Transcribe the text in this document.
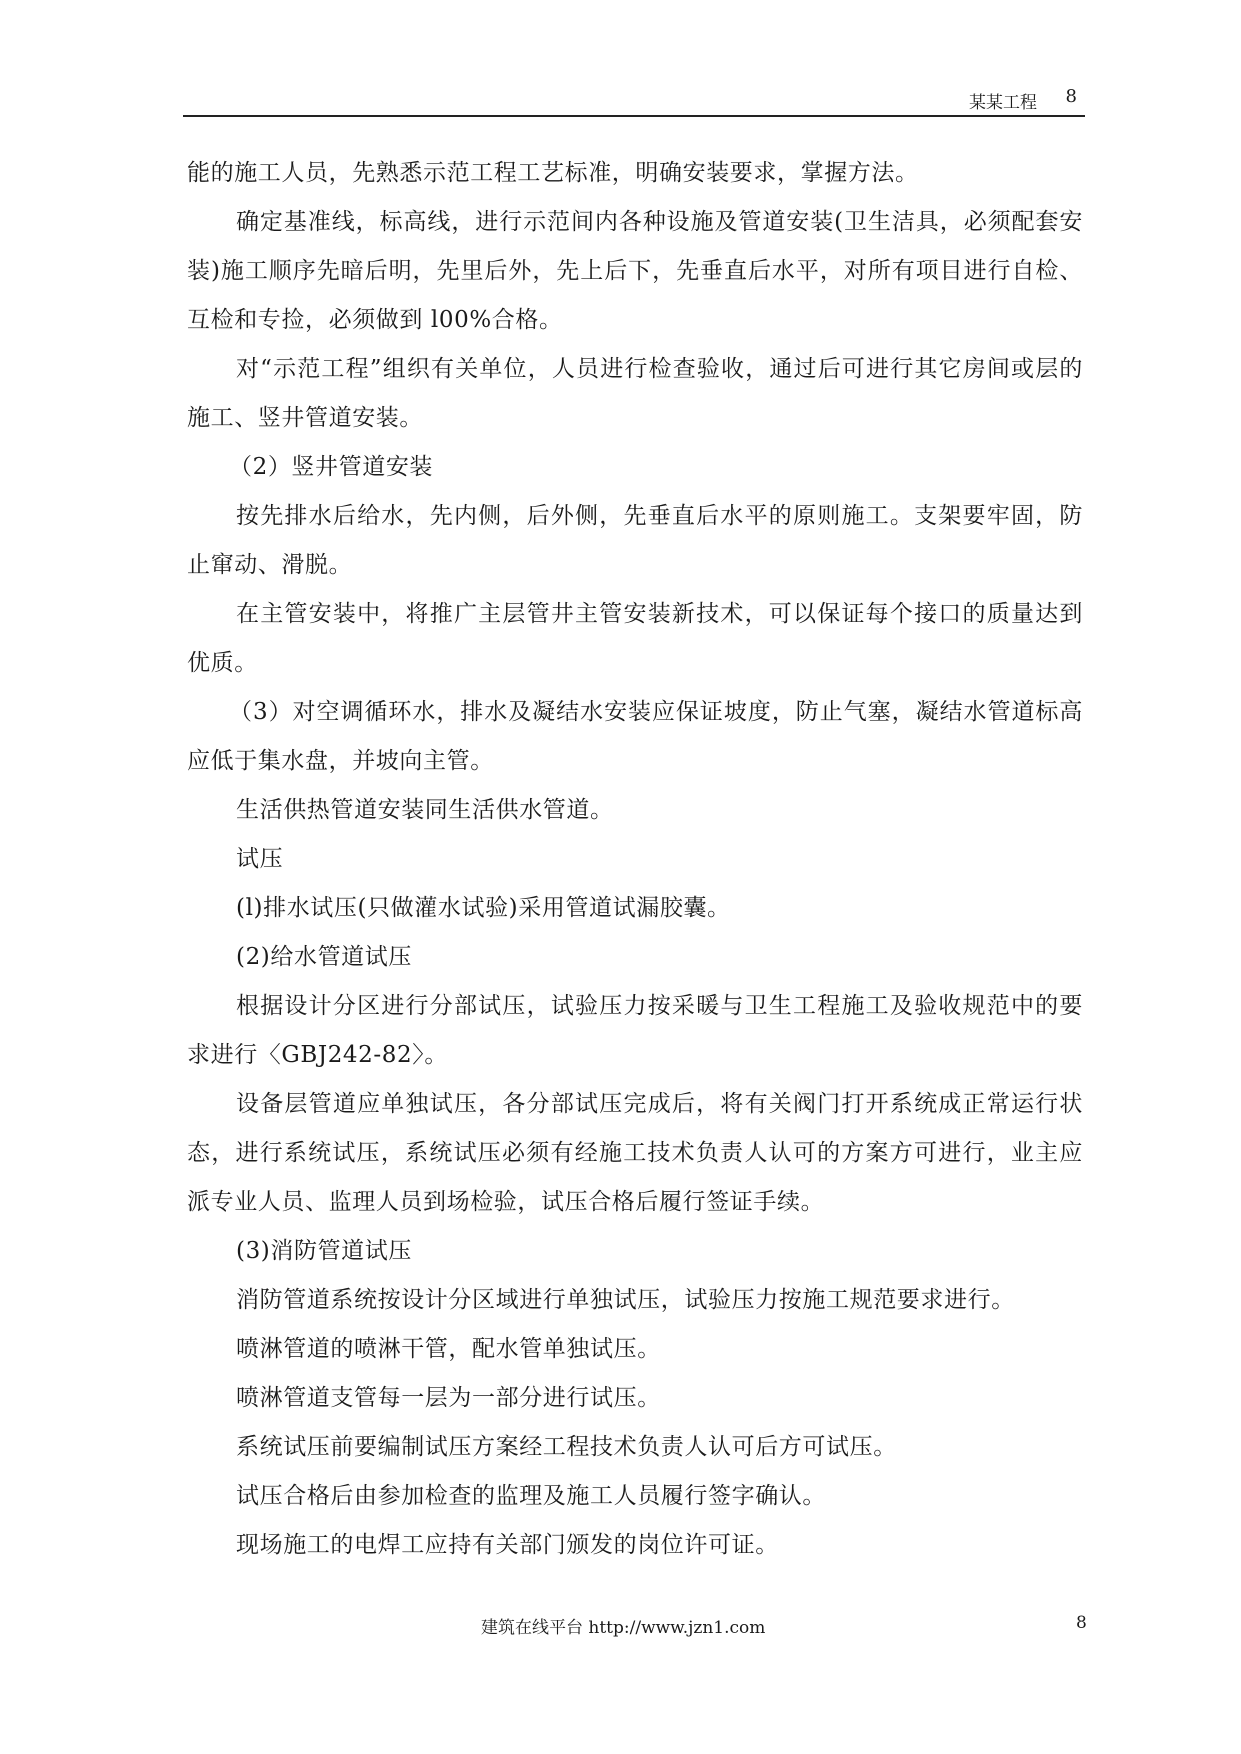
某某工程 8

能的施工人员，先熟悉示范工程工艺标准，明确安装要求，掌握方法。

确定基准线，标高线，进行示范间内各种设施及管道安装(卫生洁具，必须配套安装)施工顺序先暗后明，先里后外，先上后下，先垂直后水平，对所有项目进行自检、互检和专捡，必须做到 l00%合格。

对“示范工程”组织有关单位，人员进行检查验收，通过后可进行其它房间或层的施工、竖井管道安装。

（2）竖井管道安装

按先排水后给水，先内侧，后外侧，先垂直后水平的原则施工。支架要牢固，防止窜动、滑脱。

在主管安装中，将推广主层管井主管安装新技术，可以保证每个接口的质量达到优质。

（3）对空调循环水，排水及凝结水安装应保证坡度，防止气塞，凝结水管道标高应低于集水盘，并坡向主管。

生活供热管道安装同生活供水管道。

试压

(l)排水试压(只做灌水试验)采用管道试漏胶囊。

(2)给水管道试压

根据设计分区进行分部试压，试验压力按采暖与卫生工程施工及验收规范中的要求进行〈GBJ242-82〉。

设备层管道应单独试压，各分部试压完成后，将有关阀门打开系统成正常运行状态，进行系统试压，系统试压必须有经施工技术负责人认可的方案方可进行，业主应派专业人员、监理人员到场检验，试压合格后履行签证手续。

(3)消防管道试压

消防管道系统按设计分区域进行单独试压，试验压力按施工规范要求进行。

喷淋管道的喷淋干管，配水管单独试压。

喷淋管道支管每一层为一部分进行试压。

系统试压前要编制试压方案经工程技术负责人认可后方可试压。

试压合格后由参加检查的监理及施工人员履行签字确认。

现场施工的电焊工应持有关部门颁发的岗位许可证。

建筑在线平台 http://www.jzn1.com	8
